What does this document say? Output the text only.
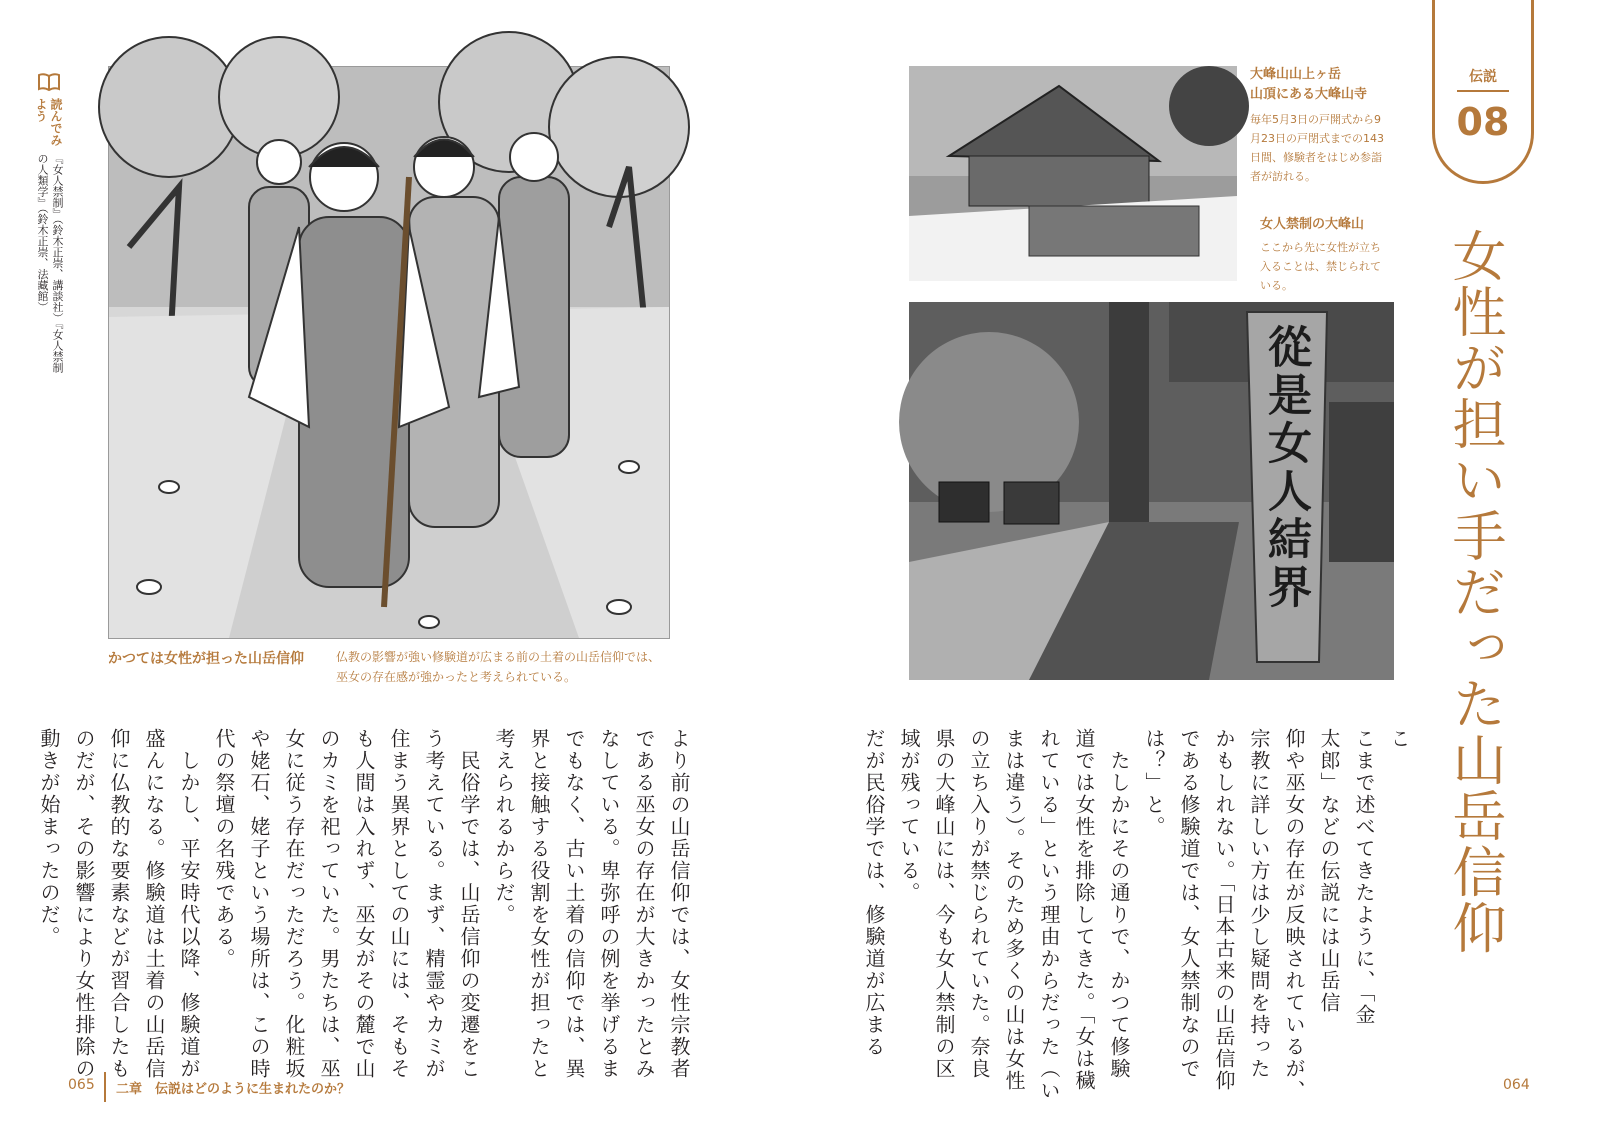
読んでみよう
『女人禁制』（鈴木正崇、講談社）『女人禁制の人類学』（鈴木正崇、法藏館）
かつては女性が担った山岳信仰	仏教の影響が強い修験道が広まる前の土着の山岳信仰では、
巫女の存在感が強かったと考えられている。
より前の山岳信仰では、女性宗教者
である巫女の存在が大きかったとみ
なしている。卑弥呼の例を挙げるま
でもなく、古い土着の信仰では、異
界と接触する役割を女性が担ったと
考えられるからだ。
　民俗学では、山岳信仰の変遷をこ
う考えている。まず、精霊やカミが
住まう異界としての山には、そもそ
も人間は入れず、巫女がその麓で山
のカミを祀っていた。男たちは、巫
女に従う存在だっただろう。化粧坂
や姥石、姥子という場所は、この時
代の祭壇の名残である。
　しかし、平安時代以降、修験道が
盛んになる。修験道は土着の山岳信
仰に仏教的な要素などが習合したも
のだが、その影響により女性排除の
動きが始まったのだ。
從是女人結界
大峰山山上ヶ岳
山頂にある大峰山寺
毎年5月3日の戸開式から9
月23日の戸閉式までの143
日間、修験者をはじめ参詣
者が訪れる。
女人禁制の大峰山
ここから先に女性が立ち
入ることは、禁じられて
いる。
伝説
08
女性が担い手だった山岳信仰
こ
こまで述べてきたように、「金
太郎」などの伝説には山岳信
仰や巫女の存在が反映されているが、
宗教に詳しい方は少し疑問を持った
かもしれない。「日本古来の山岳信仰
である修験道では、女人禁制なので
は？」と。
　たしかにその通りで、かつて修験
道では女性を排除してきた。「女は穢
れている」という理由からだった（い
まは違う）。そのため多くの山は女性
の立ち入りが禁じられていた。奈良
県の大峰山には、今も女人禁制の区
域が残っている。
だが民俗学では、修験道が広まる
065 二章　伝説はどのように生まれたのか？	064
